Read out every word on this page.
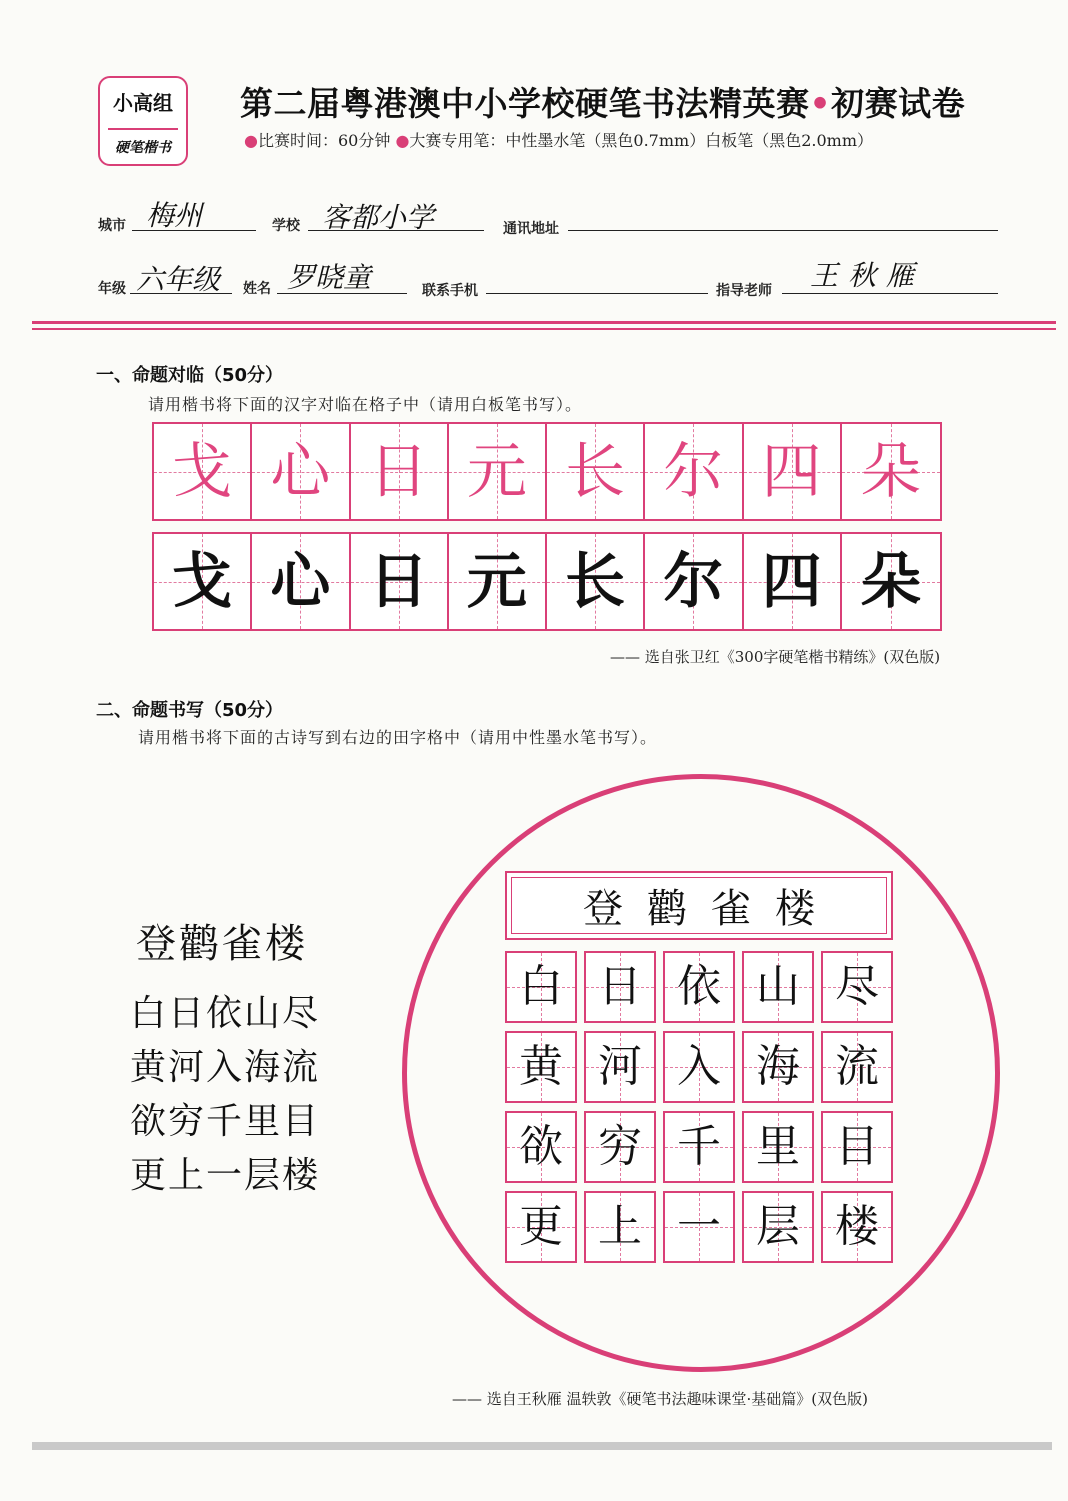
小高组
硬笔楷书
第二届粤港澳中小学校硬笔书法精英赛•初赛试卷
●比赛时间：60分钟 ●大赛专用笔：中性墨水笔（黑色0.7mm）白板笔（黑色2.0mm）
城市 梅州	学校 客都小学	通讯地址
年级 六年级 姓名 罗晓童	联系手机	指导老师 王秋雁
一、命题对临（50分）
请用楷书将下面的汉字对临在格子中（请用白板笔书写）。
戈 心 日 元 长 尔 四 朵
戈 心 日 元 长 尔 四 朵
—— 选自张卫红《300字硬笔楷书精练》(双色版)
二、命题书写（50分）
请用楷书将下面的古诗写到右边的田字格中（请用中性墨水笔书写）。
登鹳雀楼
白日依山尽
黄河入海流
欲穷千里目
更上一层楼
登鹳雀楼
白 日 依 山 尽
黄 河 入 海 流
欲 穷 千 里 目
更 上 一 层 楼
—— 选自王秋雁 温轶敦《硬笔书法趣味课堂·基础篇》(双色版)
